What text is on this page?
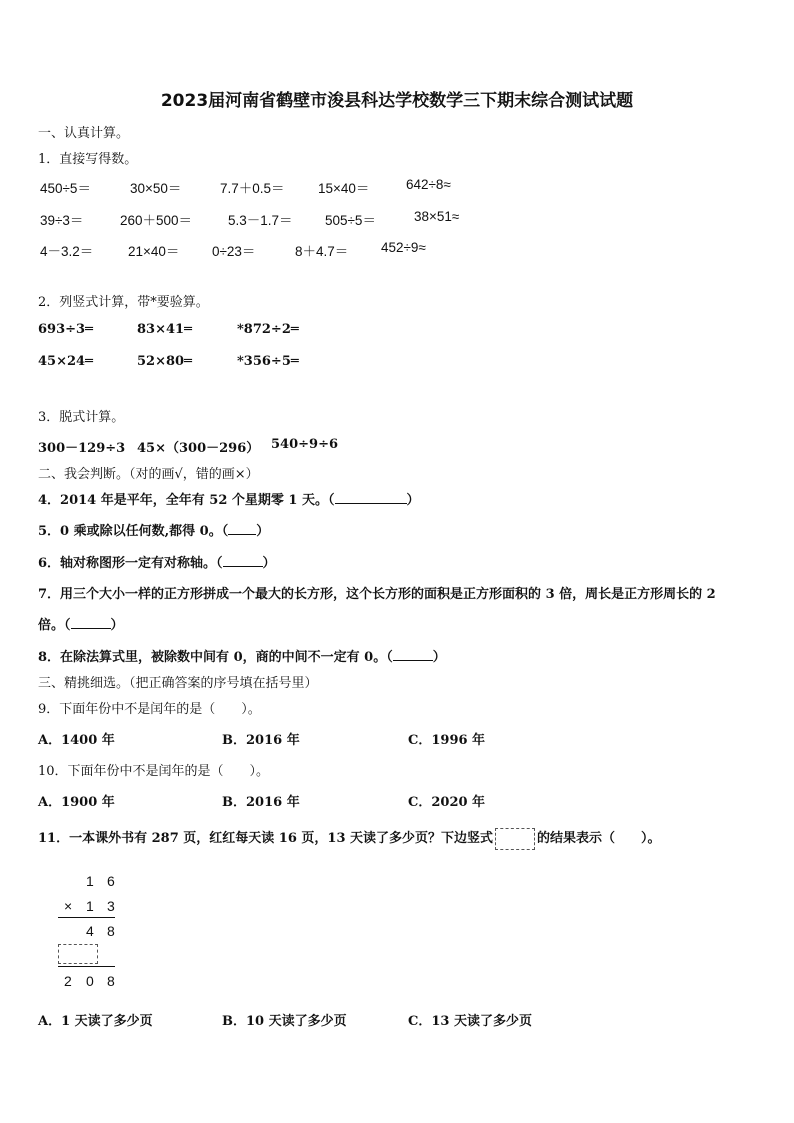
2023届河南省鹤壁市浚县科达学校数学三下期末综合测试试题
一、认真计算。
1．直接写得数。
450÷5＝	30×50＝	7.7＋0.5＝ 15×40＝	642÷8≈
39÷3＝	260＋500＝	5.3－1.7＝ 505÷5＝	38×51≈
4－3.2＝	21×40＝ 0÷23＝	8＋4.7＝ 452÷9≈
2．列竖式计算，带*要验算。
693÷3═	83×41═	*872÷2═
45×24═	52×80═	*356÷5═
3．脱式计算。
300－129÷3 45×（300－296） 540÷9÷6
二、我会判断。（对的画√，错的画×）
4．2014 年是平年，全年有 52 个星期零 1 天。（	）
5．0 乘或除以任何数,都得 0。（ ）
6．轴对称图形一定有对称轴。（	）
7．用三个大小一样的正方形拼成一个最大的长方形，这个长方形的面积是正方形面积的 3 倍，周长是正方形周长的 2
倍。（	）
8．在除法算式里，被除数中间有 0，商的中间不一定有 0。（	）
三、精挑细选。（把正确答案的序号填在括号里）
9．下面年份中不是闰年的是（　　）。
A．1400 年	B．2016 年	C．1996 年
10．下面年份中不是闰年的是（　　）。
A．1900 年	B．2016 年	C．2020 年
11．一本课外书有 287 页，红红每天读 16 页，13 天读了多少页？下边竖式	的结果表示（　　）。
1 6
× 1 3
4 8
2 0 8
A．1 天读了多少页	B．10 天读了多少页	C．13 天读了多少页
